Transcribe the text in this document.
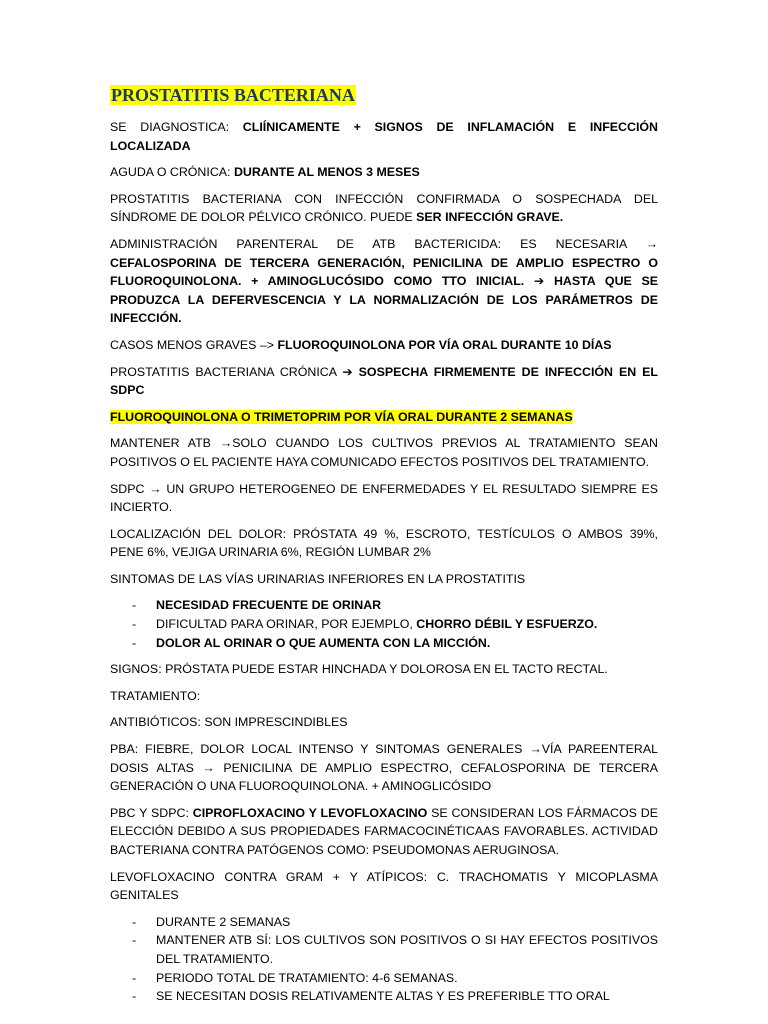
PROSTATITIS BACTERIANA

SE DIAGNOSTICA: CLIÍNICAMENTE + SIGNOS DE INFLAMACIÓN E INFECCIÓN LOCALIZADA

AGUDA O CRÓNICA: DURANTE AL MENOS 3 MESES

PROSTATITIS BACTERIANA CON INFECCIÓN CONFIRMADA O SOSPECHADA DEL SÍNDROME DE DOLOR PÉLVICO CRÓNICO. PUEDE SER INFECCIÓN GRAVE.

ADMINISTRACIÓN PARENTERAL DE ATB BACTERICIDA: ES NECESARIA → CEFALOSPORINA DE TERCERA GENERACIÓN, PENICILINA DE AMPLIO ESPECTRO O FLUOROQUINOLONA. + AMINOGLUCÓSIDO COMO TTO INICIAL. ➔ HASTA QUE SE PRODUZCA LA DEFERVESCENCIA Y LA NORMALIZACIÓN DE LOS PARÁMETROS DE INFECCIÓN.

CASOS MENOS GRAVES –> FLUOROQUINOLONA POR VÍA ORAL DURANTE 10 DÍAS

PROSTATITIS BACTERIANA CRÓNICA ➔ SOSPECHA FIRMEMENTE DE INFECCIÓN EN EL SDPC

FLUOROQUINOLONA O TRIMETOPRIM POR VÍA ORAL DURANTE 2 SEMANAS

MANTENER ATB →SOLO CUANDO LOS CULTIVOS PREVIOS AL TRATAMIENTO SEAN POSITIVOS O EL PACIENTE HAYA COMUNICADO EFECTOS POSITIVOS DEL TRATAMIENTO.

SDPC → UN GRUPO HETEROGENEO DE ENFERMEDADES Y EL RESULTADO SIEMPRE ES INCIERTO.

LOCALIZACIÓN DEL DOLOR: PRÓSTATA 49 %, ESCROTO, TESTÍCULOS O AMBOS 39%, PENE 6%, VEJIGA URINARIA 6%, REGIÓN LUMBAR 2%

SINTOMAS DE LAS VÍAS URINARIAS INFERIORES EN LA PROSTATITIS

- NECESIDAD FRECUENTE DE ORINAR
- DIFICULTAD PARA ORINAR, POR EJEMPLO, CHORRO DÉBIL Y ESFUERZO.
- DOLOR AL ORINAR O QUE AUMENTA CON LA MICCIÓN.

SIGNOS: PRÓSTATA PUEDE ESTAR HINCHADA Y DOLOROSA EN EL TACTO RECTAL.

TRATAMIENTO:

ANTIBIÓTICOS: SON IMPRESCINDIBLES

PBA: FIEBRE, DOLOR LOCAL INTENSO Y SINTOMAS GENERALES →VÍA PAREENTERAL DOSIS ALTAS → PENICILINA DE AMPLIO ESPECTRO, CEFALOSPORINA DE TERCERA GENERACIÓN O UNA FLUOROQUINOLONA. + AMINOGLICÓSIDO

PBC Y SDPC: CIPROFLOXACINO Y LEVOFLOXACINO SE CONSIDERAN LOS FÁRMACOS DE ELECCIÓN DEBIDO A SUS PROPIEDADES FARMACOCINÉTICAAS FAVORABLES. ACTIVIDAD BACTERIANA CONTRA PATÓGENOS COMO: PSEUDOMONAS AERUGINOSA.

LEVOFLOXACINO CONTRA GRAM + Y ATÍPICOS: C. TRACHOMATIS Y MICOPLASMA GENITALES

- DURANTE 2 SEMANAS
- MANTENER ATB SÍ: LOS CULTIVOS SON POSITIVOS O SI HAY EFECTOS POSITIVOS DEL TRATAMIENTO.
- PERIODO TOTAL DE TRATAMIENTO: 4-6 SEMANAS.
- SE NECESITAN DOSIS RELATIVAMENTE ALTAS Y ES PREFERIBLE TTO ORAL
